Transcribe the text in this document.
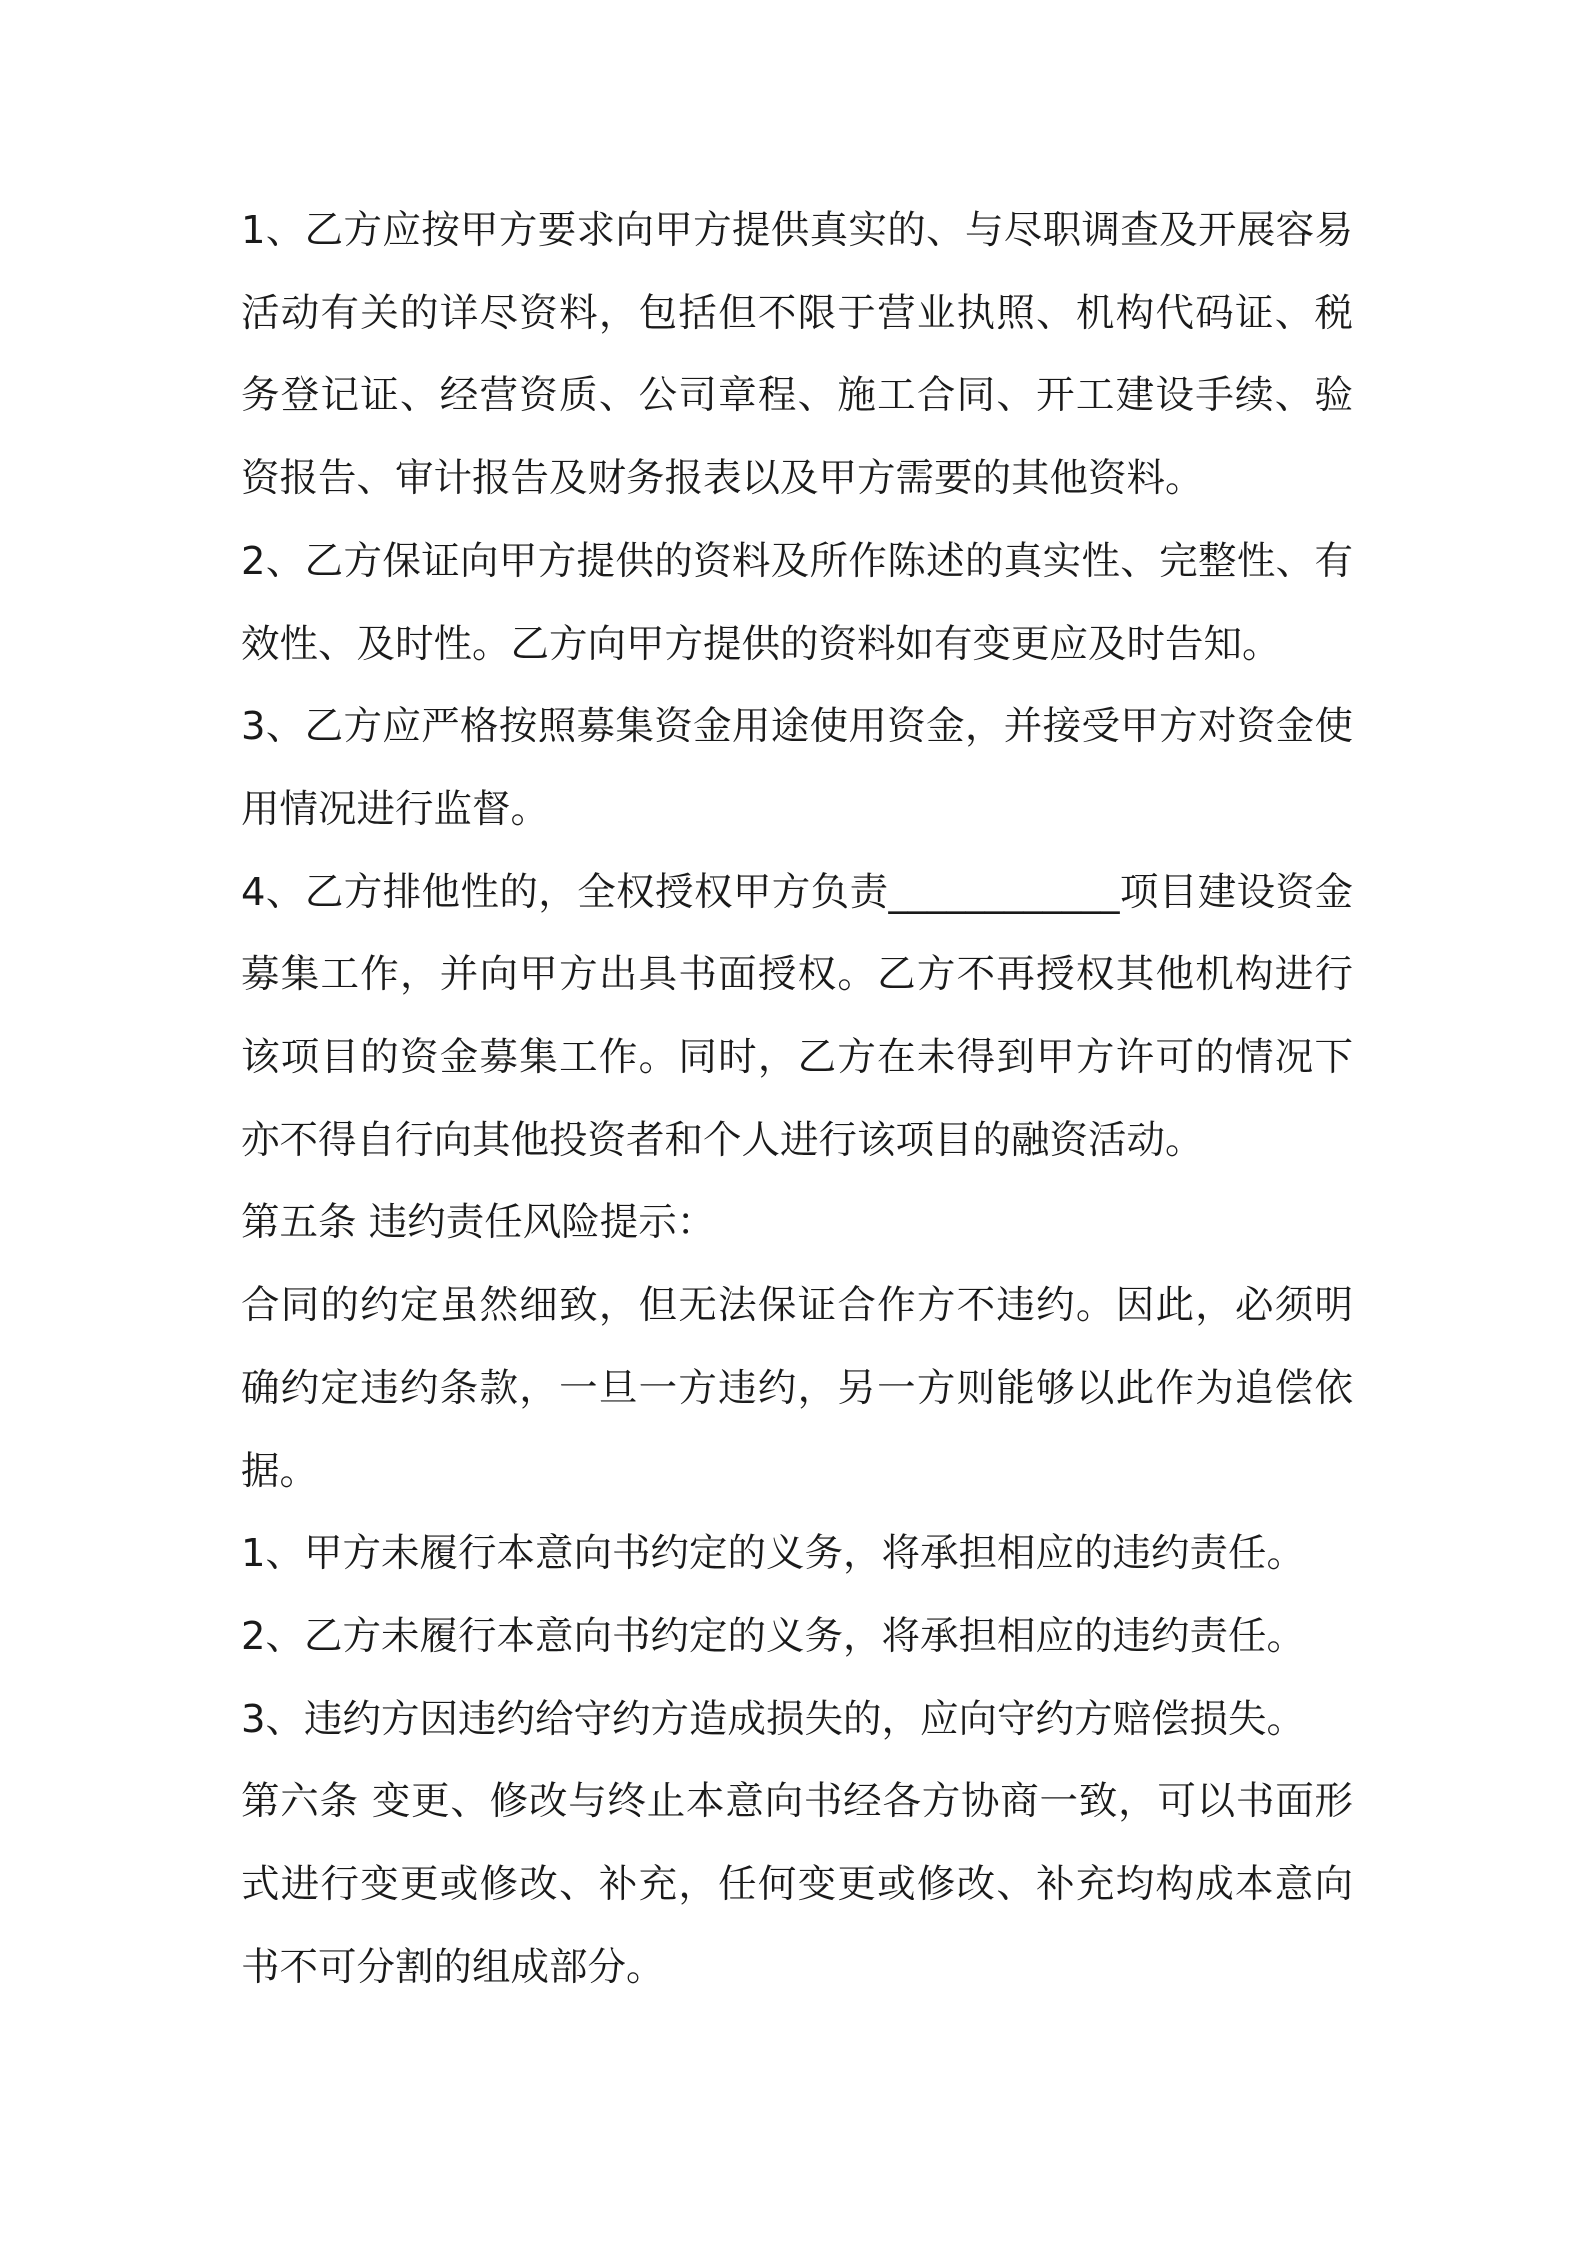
1、乙方应按甲方要求向甲方提供真实的、与尽职调查及开展容易活动有关的详尽资料，包括但不限于营业执照、机构代码证、税务登记证、经营资质、公司章程、施工合同、开工建设手续、验资报告、审计报告及财务报表以及甲方需要的其他资料。

2、乙方保证向甲方提供的资料及所作陈述的真实性、完整性、有效性、及时性。乙方向甲方提供的资料如有变更应及时告知。

3、乙方应严格按照募集资金用途使用资金，并接受甲方对资金使用情况进行监督。

4、乙方排他性的，全权授权甲方负责____________项目建设资金募集工作，并向甲方出具书面授权。乙方不再授权其他机构进行该项目的资金募集工作。同时，乙方在未得到甲方许可的情况下亦不得自行向其他投资者和个人进行该项目的融资活动。

第五条 违约责任风险提示：

合同的约定虽然细致，但无法保证合作方不违约。因此，必须明确约定违约条款，一旦一方违约，另一方则能够以此作为追偿依据。

1、甲方未履行本意向书约定的义务，将承担相应的违约责任。

2、乙方未履行本意向书约定的义务，将承担相应的违约责任。

3、违约方因违约给守约方造成损失的，应向守约方赔偿损失。

第六条 变更、修改与终止本意向书经各方协商一致，可以书面形式进行变更或修改、补充，任何变更或修改、补充均构成本意向书不可分割的组成部分。
